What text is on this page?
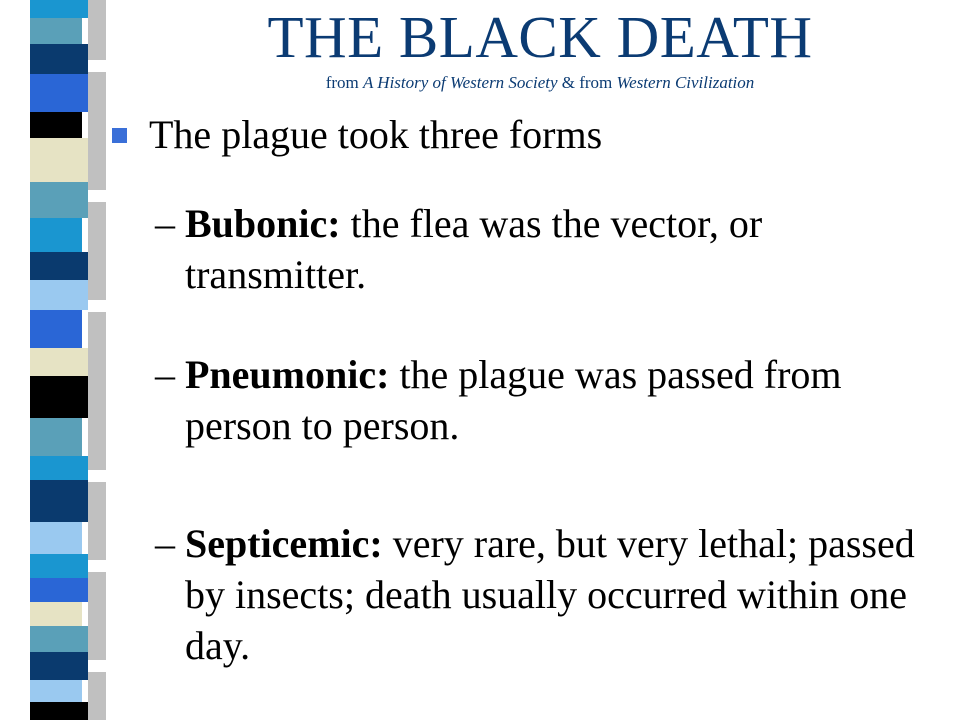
THE BLACK DEATH
from A History of Western Society & from Western Civilization
The plague took three forms
– Bubonic: the flea was the vector, or transmitter.
– Pneumonic: the plague was passed from person to person.
– Septicemic: very rare, but very lethal; passed by insects; death usually occurred within one day.
